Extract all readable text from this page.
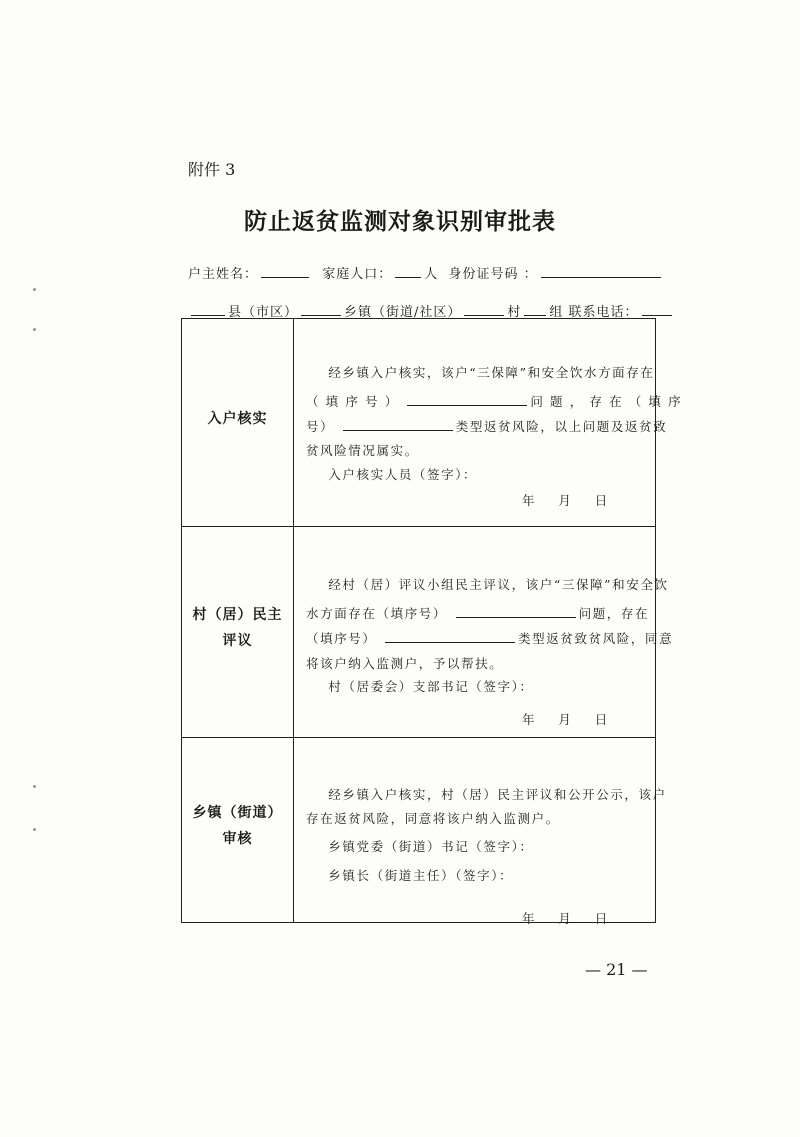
附件 3
防止返贫监测对象识别审批表
户主姓名：	家庭人口： 人  身份证号码 ：
县（市区）	乡镇（街道/社区）	村 组 联系电话：
入户核实
经乡镇入户核实，该户“三保障”和安全饮水方面存在
（ 填 序 号 ）	问 题 ， 存 在 （ 填 序
号）	类型返贫风险，以上问题及返贫致
贫风险情况属实。
入户核实人员（签字）：
年    月    日
村（居）民主
评议
经村（居）评议小组民主评议，该户“三保障”和安全饮
水方面存在（填序号）	问题，存在
（填序号）	类型返贫致贫风险，同意
将该户纳入监测户，予以帮扶。
村（居委会）支部书记（签字）：
年    月    日
乡镇（街道）
审核
经乡镇入户核实，村（居）民主评议和公开公示，该户
存在返贫风险，同意将该户纳入监测户。
乡镇党委（街道）书记（签字）：
乡镇长（街道主任）（签字）：
年    月    日
— 21 —
